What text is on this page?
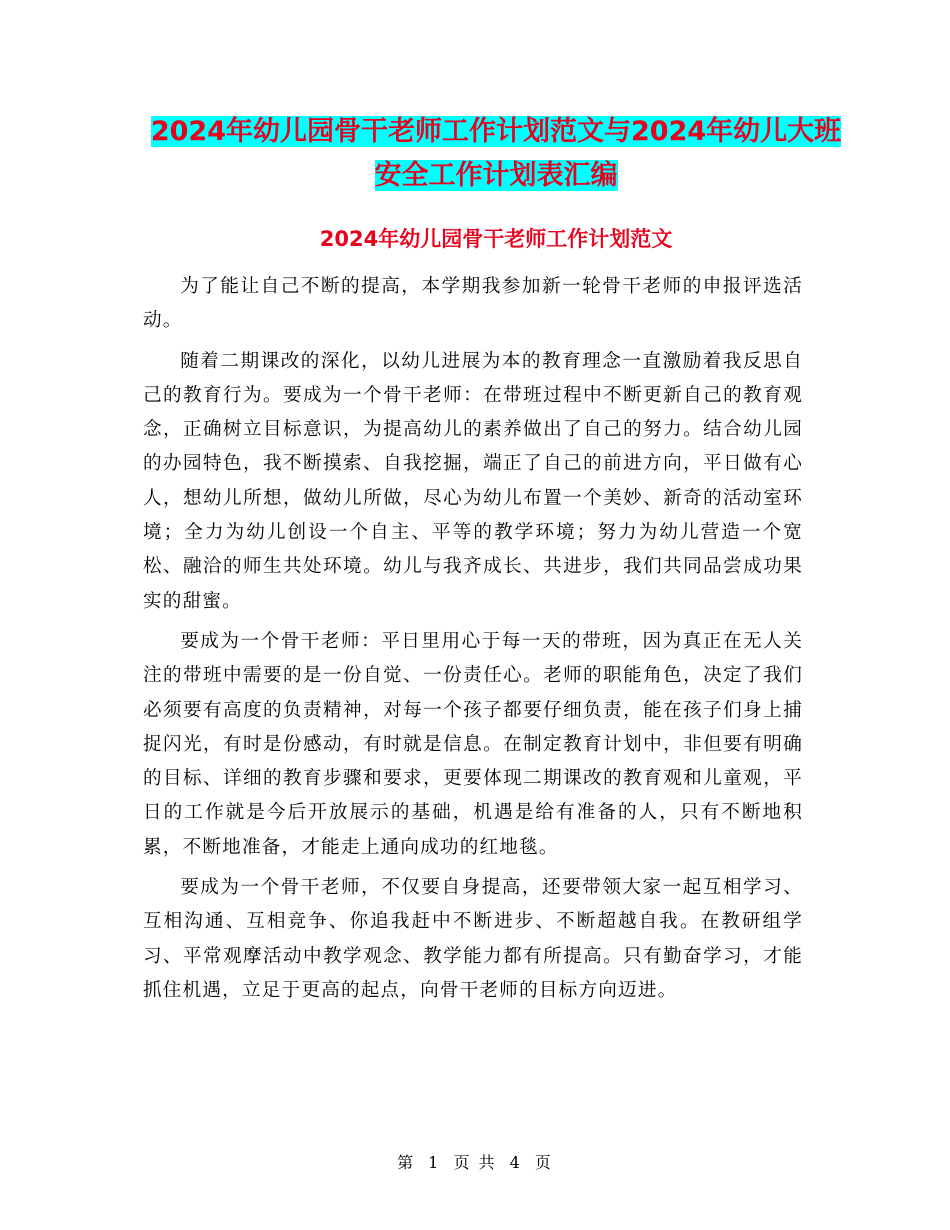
2024年幼儿园骨干老师工作计划范文与2024年幼儿大班安全工作计划表汇编
2024年幼儿园骨干老师工作计划范文

为了能让自己不断的提高，本学期我参加新一轮骨干老师的申报评选活动。

随着二期课改的深化，以幼儿进展为本的教育理念一直激励着我反思自己的教育行为。要成为一个骨干老师：在带班过程中不断更新自己的教育观念，正确树立目标意识，为提高幼儿的素养做出了自己的努力。结合幼儿园的办园特色，我不断摸索、自我挖掘，端正了自己的前进方向，平日做有心人，想幼儿所想，做幼儿所做，尽心为幼儿布置一个美妙、新奇的活动室环境；全力为幼儿创设一个自主、平等的教学环境；努力为幼儿营造一个宽松、融洽的师生共处环境。幼儿与我齐成长、共进步，我们共同品尝成功果实的甜蜜。

要成为一个骨干老师：平日里用心于每一天的带班，因为真正在无人关注的带班中需要的是一份自觉、一份责任心。老师的职能角色，决定了我们必须要有高度的负责精神，对每一个孩子都要仔细负责，能在孩子们身上捕捉闪光，有时是份感动，有时就是信息。在制定教育计划中，非但要有明确的目标、详细的教育步骤和要求，更要体现二期课改的教育观和儿童观，平日的工作就是今后开放展示的基础，机遇是给有准备的人，只有不断地积累，不断地准备，才能走上通向成功的红地毯。

要成为一个骨干老师，不仅要自身提高，还要带领大家一起互相学习、互相沟通、互相竞争、你追我赶中不断进步、不断超越自我。在教研组学习、平常观摩活动中教学观念、教学能力都有所提高。只有勤奋学习，才能抓住机遇，立足于更高的起点，向骨干老师的目标方向迈进。

第 1 页 共 4 页
